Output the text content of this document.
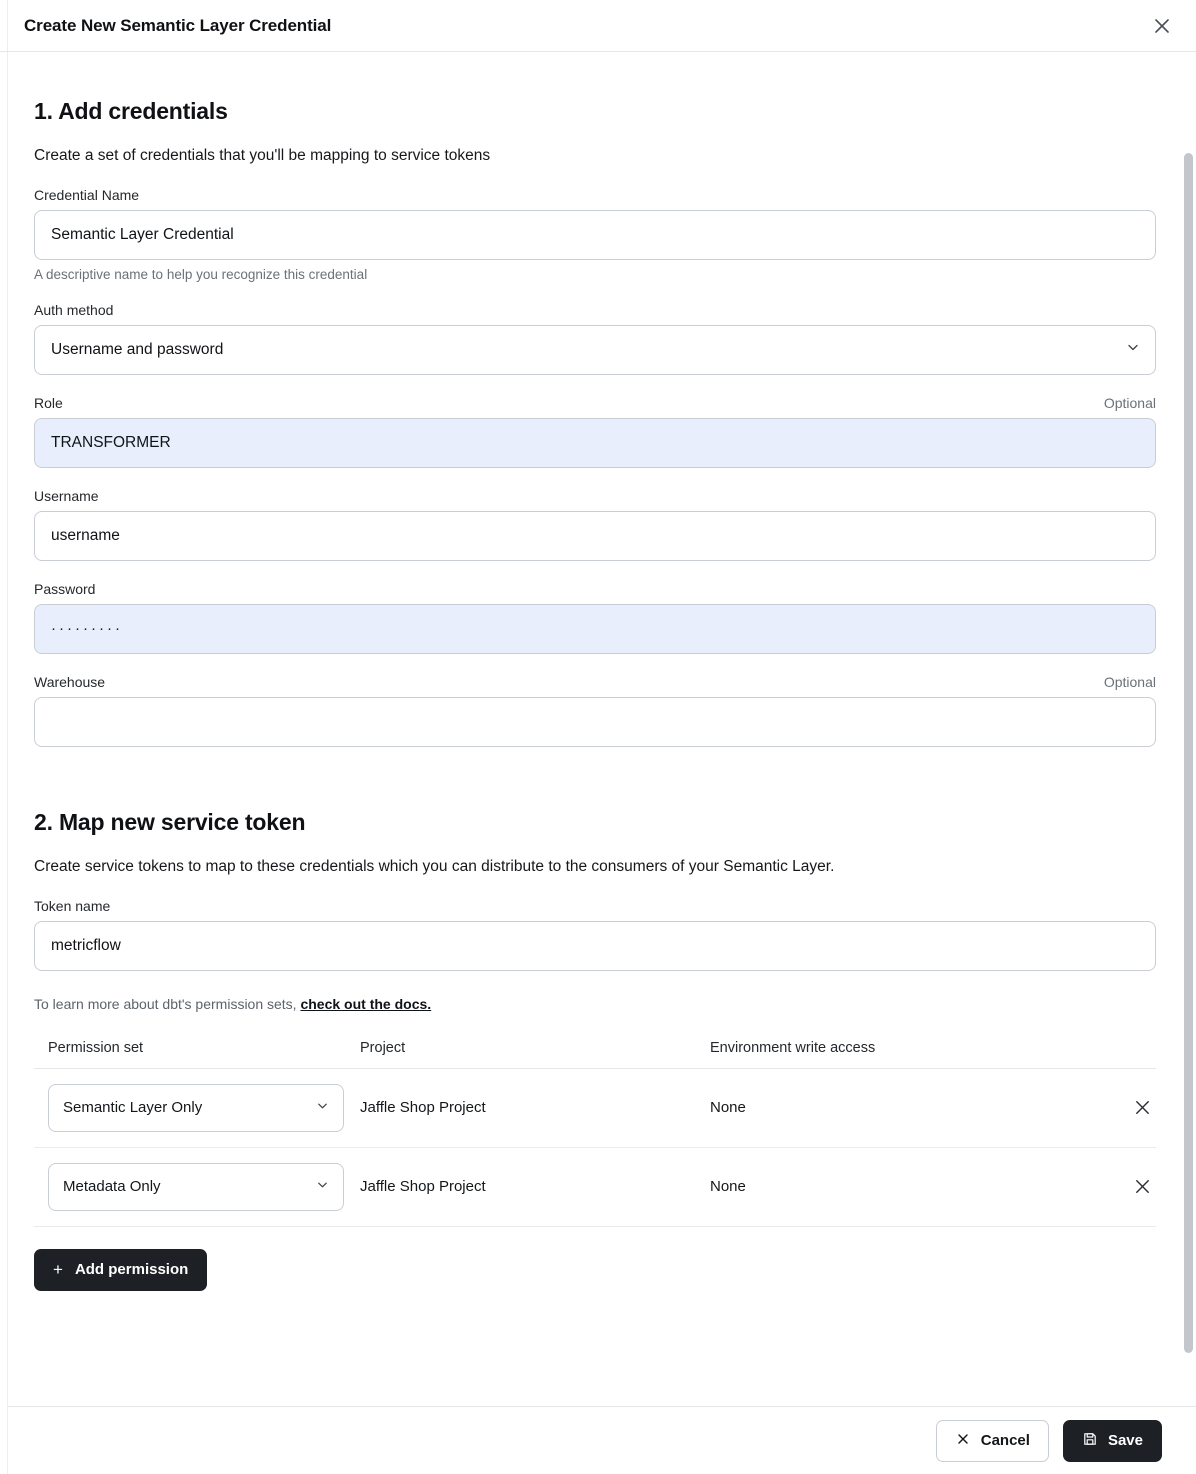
Create New Semantic Layer Credential
1. Add credentials

Create a set of credentials that you'll be mapping to service tokens

Credential Name
Semantic Layer Credential
A descriptive name to help you recognize this credential
Auth method
Username and password
Role	Optional
TRANSFORMER
Username
username
Password
·········
Warehouse	Optional
2. Map new service token

Create service tokens to map to these credentials which you can distribute to the consumers of your Semantic Layer.

Token name
metricflow
To learn more about dbt's permission sets, check out the docs.
Permission set	Project	Environment write access	

Semantic Layer Only	Jaffle Shop Project	None	

Metadata Only	Jaffle Shop Project	None	
+ Add permission
Cancel	Save
